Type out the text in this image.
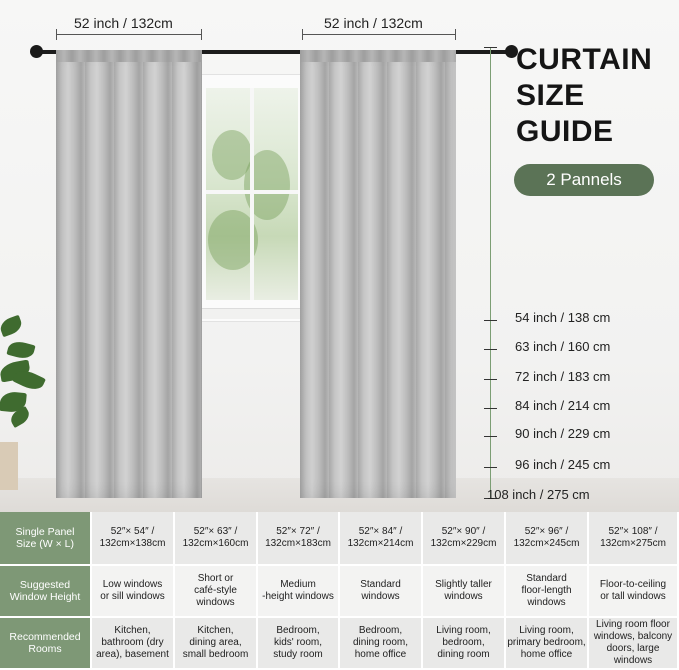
52 inch / 132cm	52 inch / 132cm
CURTAIN
SIZE
GUIDE
2 Pannels
54 inch / 138 cm
63 inch / 160 cm
72 inch / 183 cm
84 inch / 214 cm
90 inch / 229 cm
96 inch / 245 cm
108 inch / 275 cm
Single Panel
Size (W × L)
52″× 54″ /
132cm×138cm
52″× 63″ /
132cm×160cm
52″× 72″ /
132cm×183cm
52″× 84″ /
132cm×214cm
52″× 90″ /
132cm×229cm
52″× 96″ /
132cm×245cm
52″× 108″ /
132cm×275cm
Suggested
Window Height
Low windows
or sill windows
Short or
café-style
windows
Medium
-height windows
Standard
windows
Slightly taller
windows
Standard
floor-length
windows
Floor-to-ceiling
or tall windows
Recommended
Rooms
Kitchen,
bathroom (dry
area), basement
Kitchen,
dining area,
small bedroom
Bedroom,
kids' room,
study room
Bedroom,
dining room,
home office
Living room,
bedroom,
dining room
Living room,
primary bedroom,
home office
Living room floor
windows, balcony
doors, large
windows
